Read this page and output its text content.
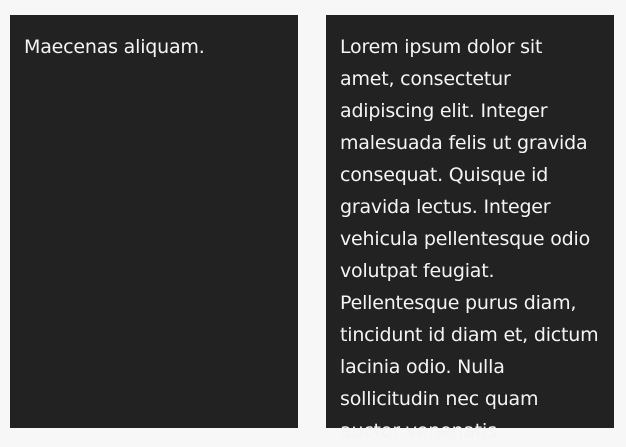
Maecenas aliquam.	Lorem ipsum dolor sit amet, consectetur adipiscing elit. Integer malesuada felis ut gravida consequat. Quisque id gravida lectus. Integer vehicula pellentesque odio volutpat feugiat. Pellentesque purus diam, tincidunt id diam et, dictum lacinia odio. Nulla sollicitudin nec quam auctor venenatis.
